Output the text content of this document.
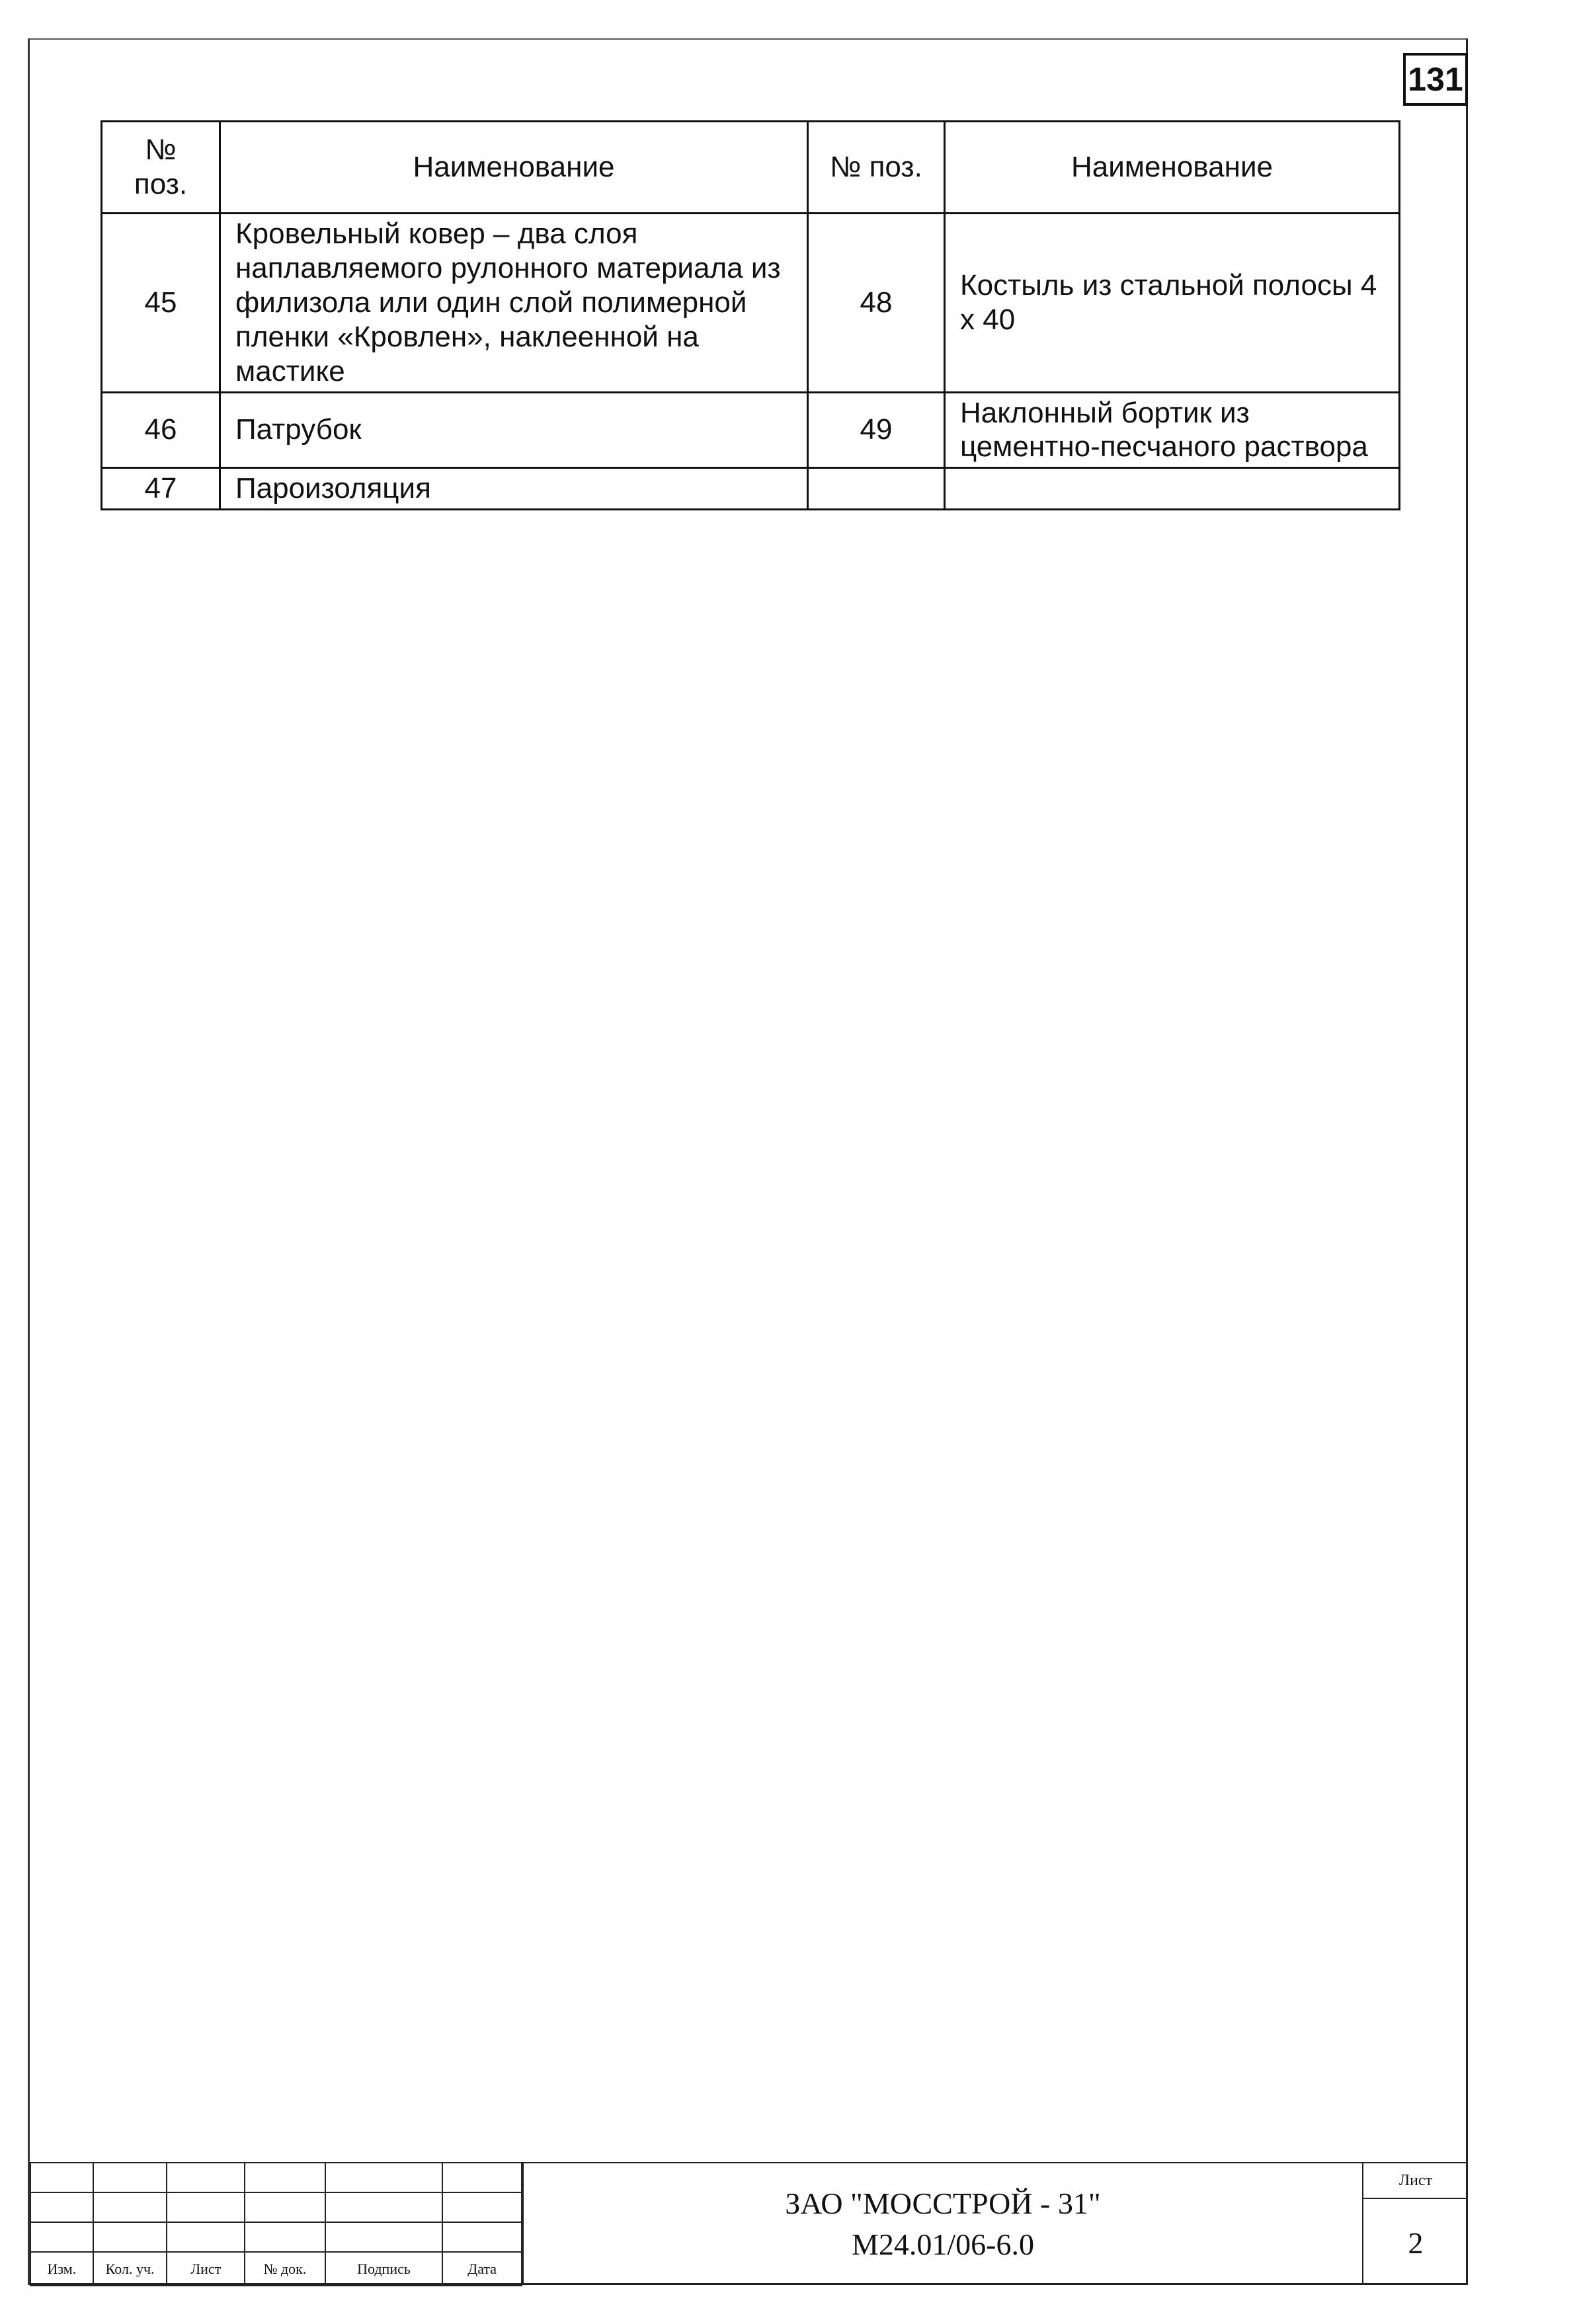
131
№ поз.	Наименование	№ поз.	Наименование
45	Кровельный ковер – два слоя наплавляемого рулонного материала из филизола или один слой полимерной пленки «Кровлен», наклеенной на мастике	48	Костыль из стальной полосы 4 х 40
46	Патрубок	49	Наклонный бортик из цементно-песчаного раствора
47	Пароизоляция		

Изм.	Кол. уч.	Лист	№ док.	Подпись	Дата
ЗАО "МОССТРОЙ - 31"
М24.01/06-6.0
Лист
2
